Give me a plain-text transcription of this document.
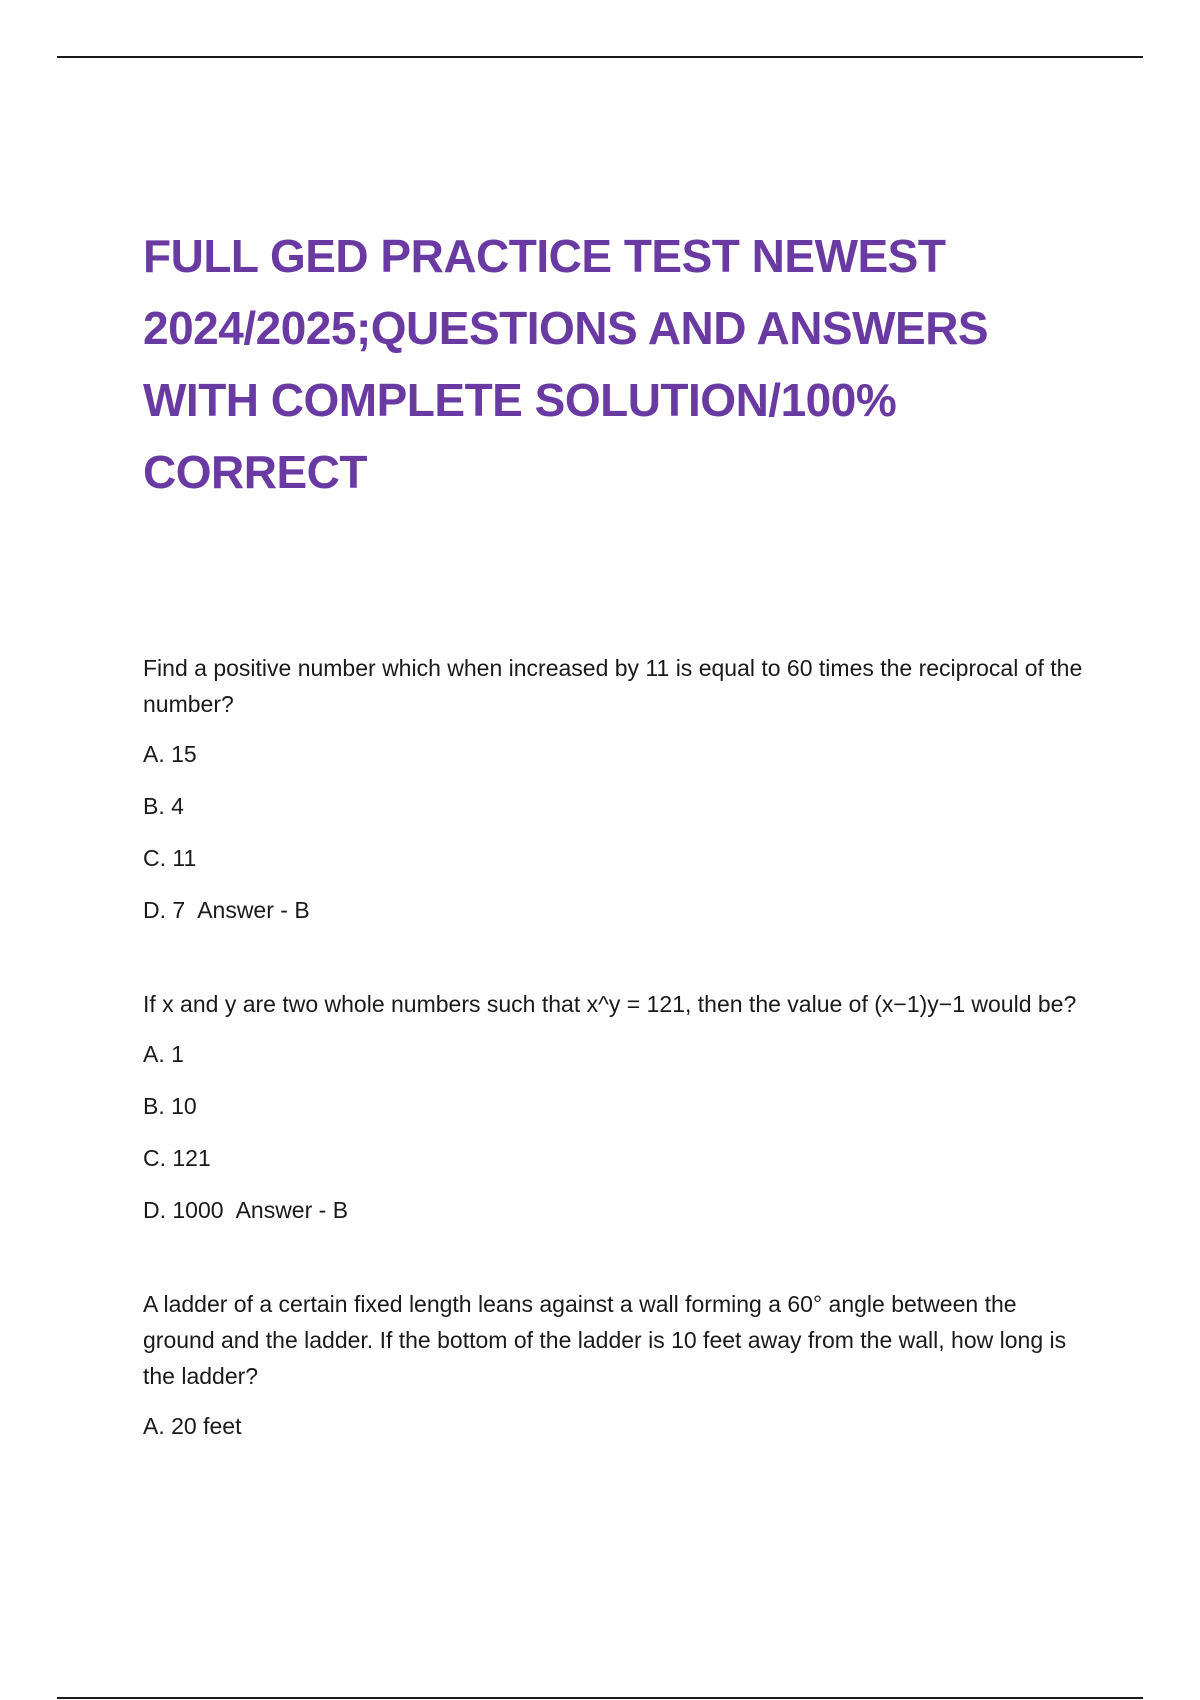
FULL GED PRACTICE TEST NEWEST 2024/2025;QUESTIONS AND ANSWERS WITH COMPLETE SOLUTION/100% CORRECT

Find a positive number which when increased by 11 is equal to 60 times the reciprocal of the number?

A. 15

B. 4

C. 11

D. 7 Answer - B

If x and y are two whole numbers such that x^y = 121, then the value of (x−1)y−1 would be?

A. 1

B. 10

C. 121

D. 1000 Answer - B

A ladder of a certain fixed length leans against a wall forming a 60° angle between the ground and the ladder. If the bottom of the ladder is 10 feet away from the wall, how long is the ladder?

A. 20 feet
